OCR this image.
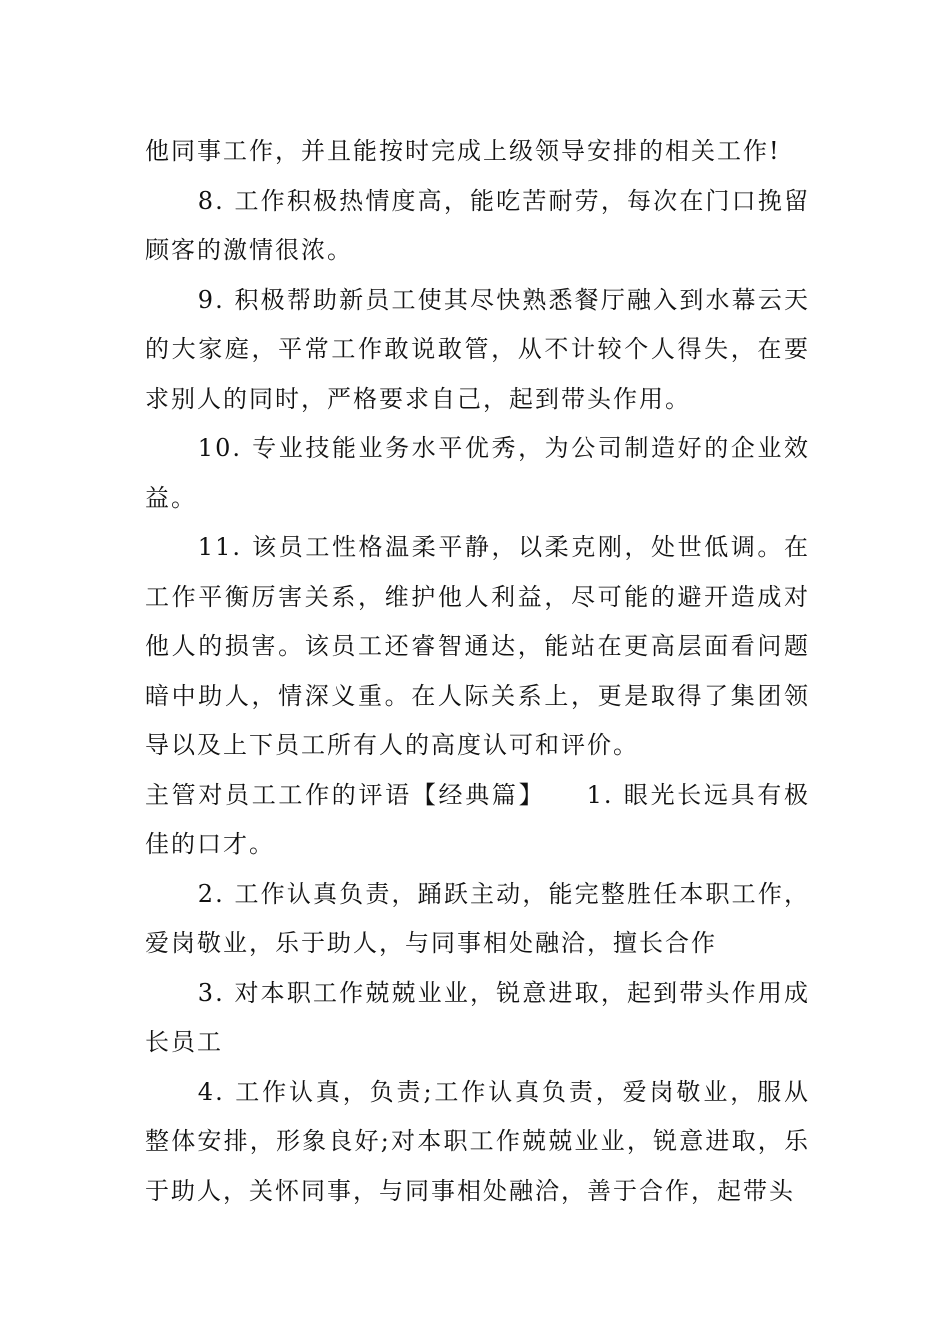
他同事工作，并且能按时完成上级领导安排的相关工作!

8. 工作积极热情度高，能吃苦耐劳，每次在门口挽留顾客的激情很浓。

9. 积极帮助新员工使其尽快熟悉餐厅融入到水幕云天的大家庭，平常工作敢说敢管，从不计较个人得失，在要求别人的同时，严格要求自己，起到带头作用。

10. 专业技能业务水平优秀，为公司制造好的企业效益。

11. 该员工性格温柔平静，以柔克刚，处世低调。在工作平衡厉害关系，维护他人利益，尽可能的避开造成对他人的损害。该员工还睿智通达，能站在更高层面看问题暗中助人，情深义重。在人际关系上，更是取得了集团领导以及上下员工所有人的高度认可和评价。

主管对员工工作的评语【经典篇】　　1. 眼光长远具有极佳的口才。

2. 工作认真负责，踊跃主动，能完整胜任本职工作，爱岗敬业，乐于助人，与同事相处融洽，擅长合作

3. 对本职工作兢兢业业，锐意进取，起到带头作用成长员工

4. 工作认真，负责;工作认真负责，爱岗敬业，服从整体安排，形象良好;对本职工作兢兢业业，锐意进取，乐于助人，关怀同事，与同事相处融洽，善于合作，起带头
